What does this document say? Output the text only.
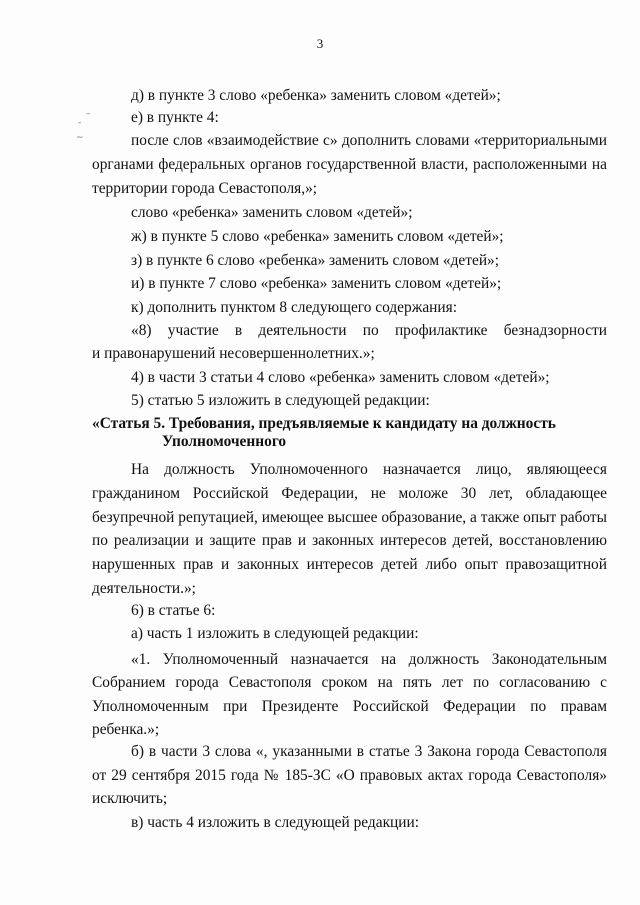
3
–
-
~
д) в пункте 3 слово «ребенка» заменить словом «детей»;
е) в пункте 4:
после слов «взаимодействие с» дополнить словами «территориальными
органами федеральных органов государственной власти, расположенными на
территории города Севастополя,»;
слово «ребенка» заменить словом «детей»;
ж) в пункте 5 слово «ребенка» заменить словом «детей»;
з) в пункте 6 слово «ребенка» заменить словом «детей»;
и) в пункте 7 слово «ребенка» заменить словом «детей»;
к) дополнить пунктом 8 следующего содержания:
«8) участие в деятельности по профилактике безнадзорности
и правонарушений несовершеннолетних.»;
4) в части 3 статьи 4 слово «ребенка» заменить словом «детей»;
5) статью 5 изложить в следующей редакции:
«Статья 5. Требования, предъявляемые к кандидату на должность
Уполномоченного
На должность Уполномоченного назначается лицо, являющееся
гражданином Российской Федерации, не моложе 30 лет, обладающее
безупречной репутацией, имеющее высшее образование, а также опыт работы
по реализации и защите прав и законных интересов детей, восстановлению
нарушенных прав и законных интересов детей либо опыт правозащитной
деятельности.»;
6) в статье 6:
а) часть 1 изложить в следующей редакции:
«1. Уполномоченный назначается на должность Законодательным
Собранием города Севастополя сроком на пять лет по согласованию с
Уполномоченным при Президенте Российской Федерации по правам
ребенка.»;
б) в части 3 слова «, указанными в статье 3 Закона города Севастополя
от 29 сентября 2015 года № 185-ЗС «О правовых актах города Севастополя»
исключить;
в) часть 4 изложить в следующей редакции:
